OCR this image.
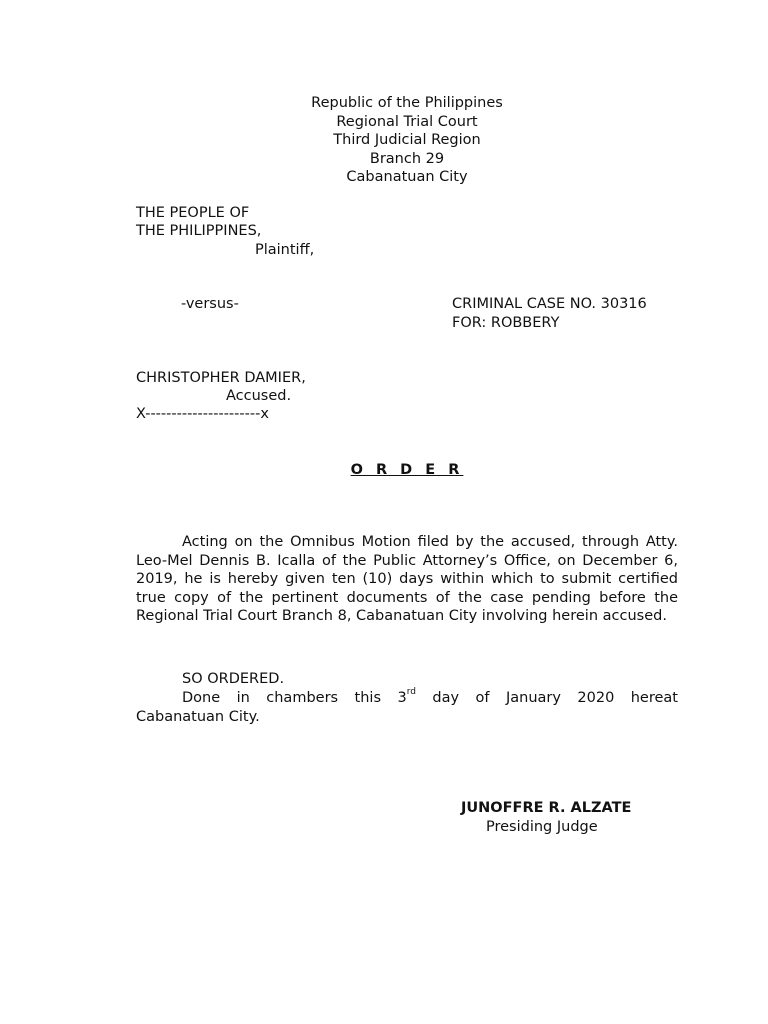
Republic of the Philippines
Regional Trial Court
Third Judicial Region
Branch 29
Cabanatuan City
THE PEOPLE OF
THE PHILIPPINES,
Plaintiff,
-versus-	CRIMINAL CASE NO. 30316
FOR: ROBBERY
CHRISTOPHER DAMIER,
Accused.
X----------------------x
O R D E R
Acting on the Omnibus Motion filed by the accused, through Atty. Leo-Mel Dennis B. Icalla of the Public Attorney’s Office, on December 6, 2019, he is hereby given ten (10) days within which to submit certified true copy of the pertinent documents of the case pending before the Regional Trial Court Branch 8, Cabanatuan City involving herein accused.
SO ORDERED.
Done in chambers this 3rd day of January 2020 hereat
Cabanatuan City.
JUNOFFRE R. ALZATE
Presiding Judge
